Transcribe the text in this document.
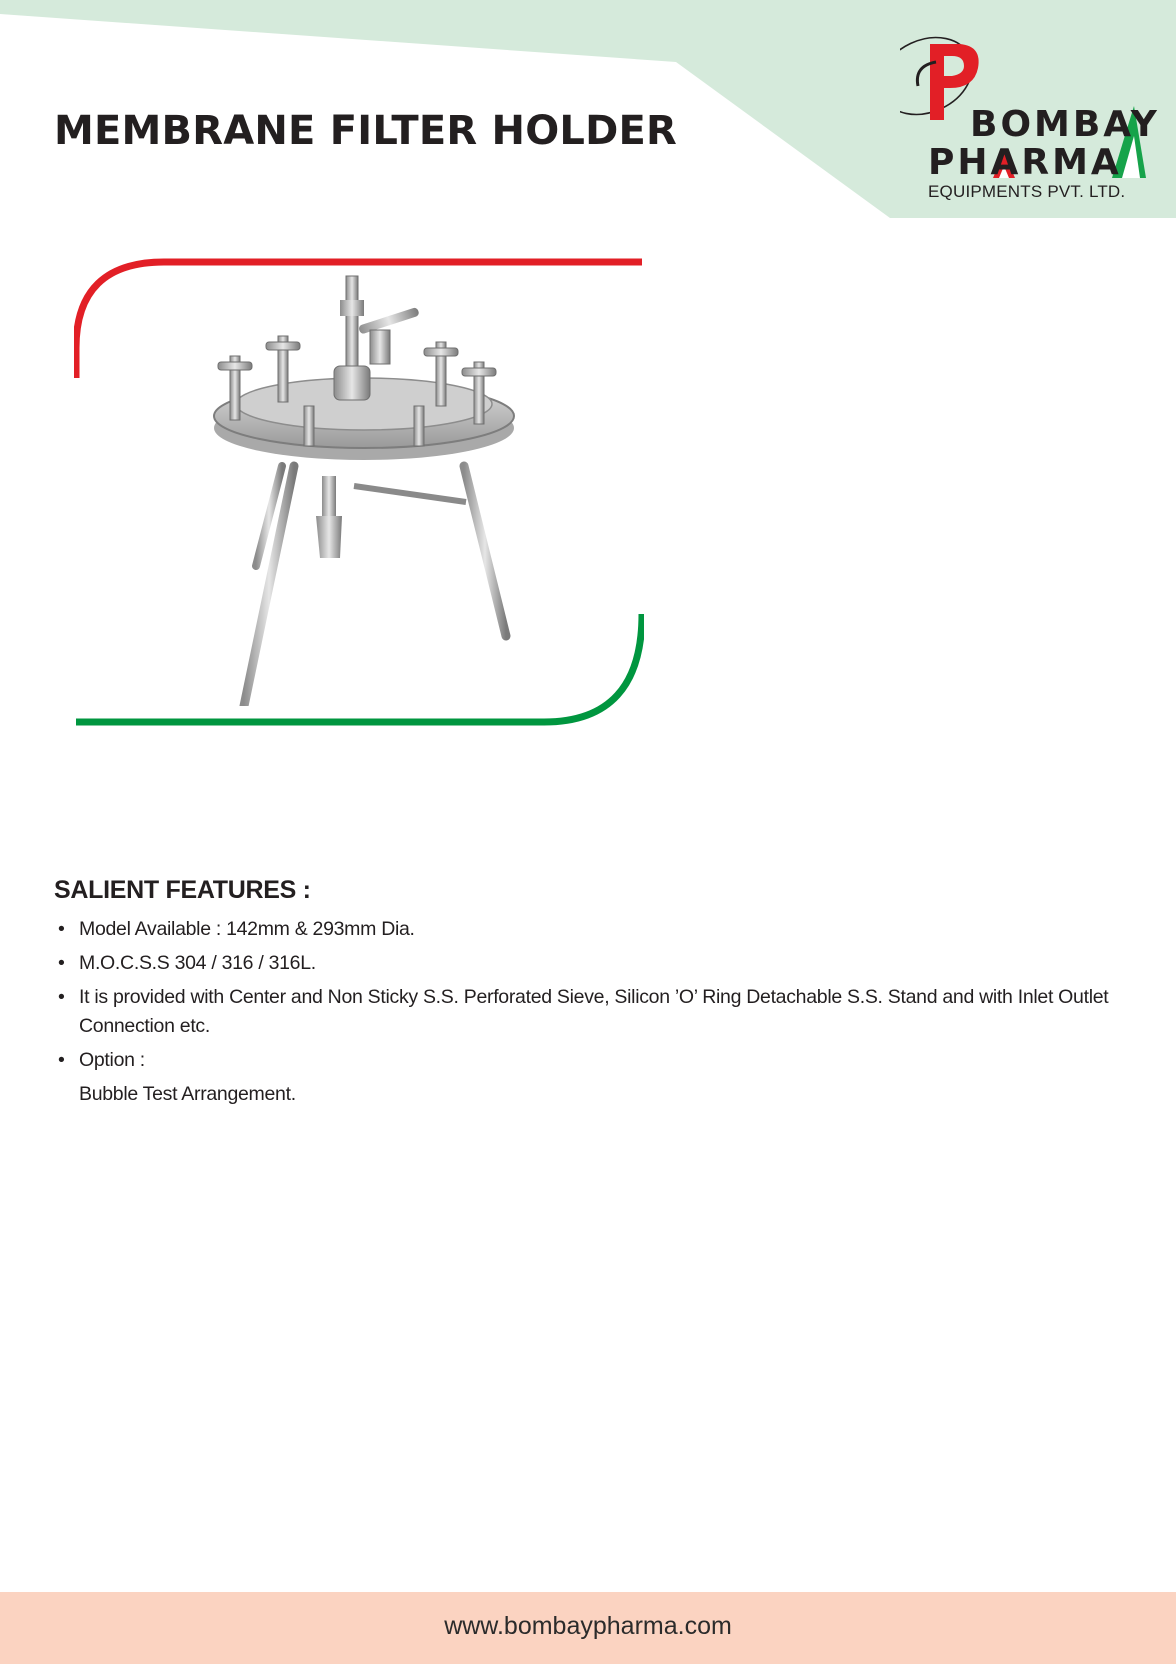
MEMBRANE FILTER HOLDER	BOMBAY
PHARMA
EQUIPMENTS PVT. LTD.
SALIENT FEATURES :
• Model Available : 142mm & 293mm Dia.
• M.O.C.S.S 304 / 316 / 316L.
• It is provided with Center and Non Sticky S.S. Perforated Sieve, Silicon ’O’ Ring Detachable S.S. Stand and with Inlet Outlet Connection etc.
• Option :
Bubble Test Arrangement.
www.bombaypharma.com
